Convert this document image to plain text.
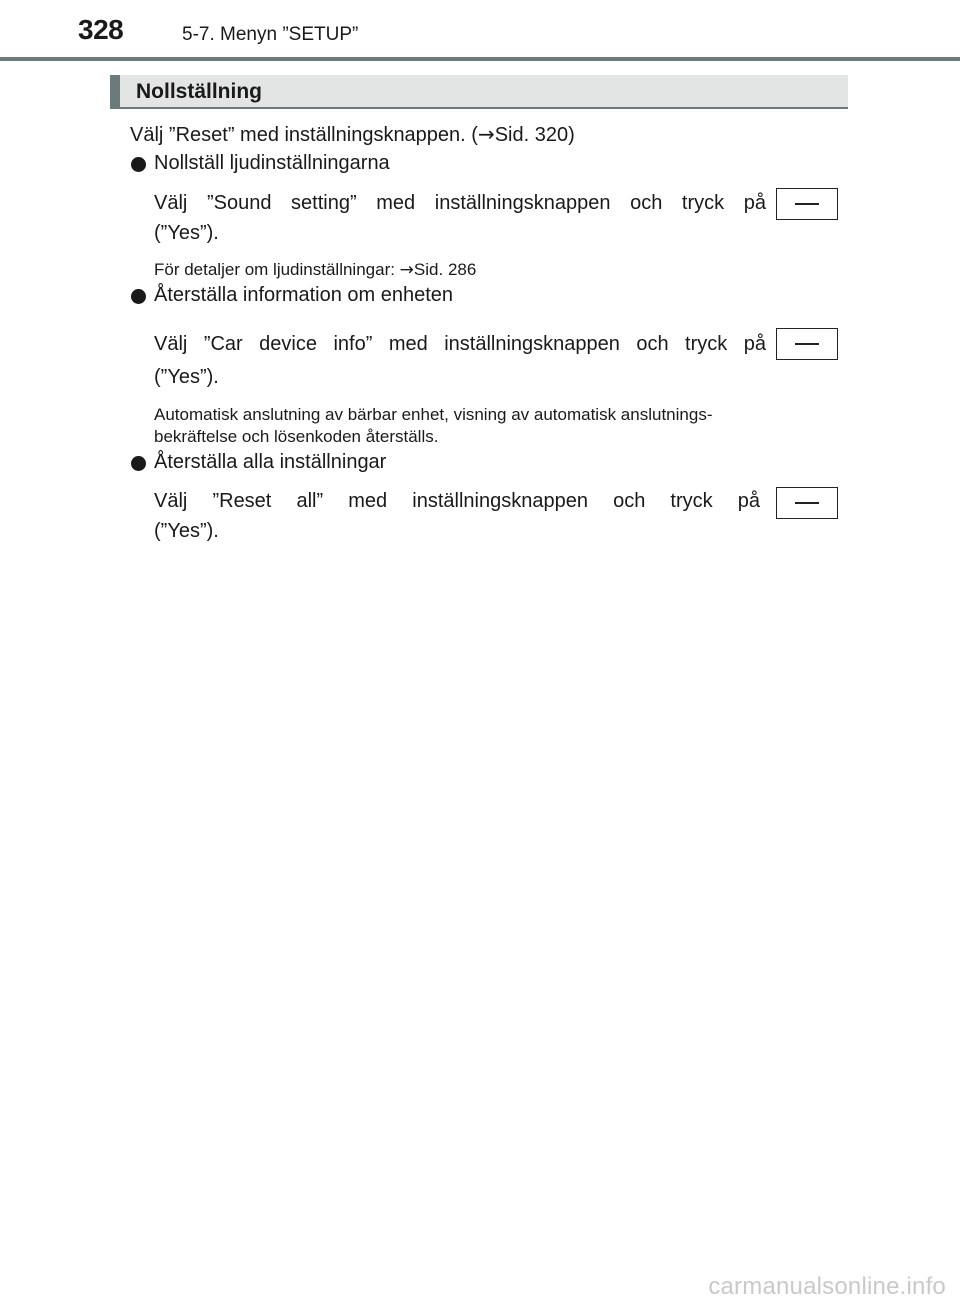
328	5-7. Menyn ”SETUP”
Nollställning
Välj ”Reset” med inställningsknappen. (→Sid. 320)
Nollställ ljudinställningarna
Välj ”Sound setting” med inställningsknappen och tryck på
(”Yes”).
För detaljer om ljudinställningar: →Sid. 286
Återställa information om enheten
Välj ”Car device info” med inställningsknappen och tryck på
(”Yes”).
Automatisk anslutning av bärbar enhet, visning av automatisk anslutnings-
bekräftelse och lösenkoden återställs.
Återställa alla inställningar
Välj ”Reset all” med inställningsknappen och tryck på
(”Yes”).
carmanualsonline.info
